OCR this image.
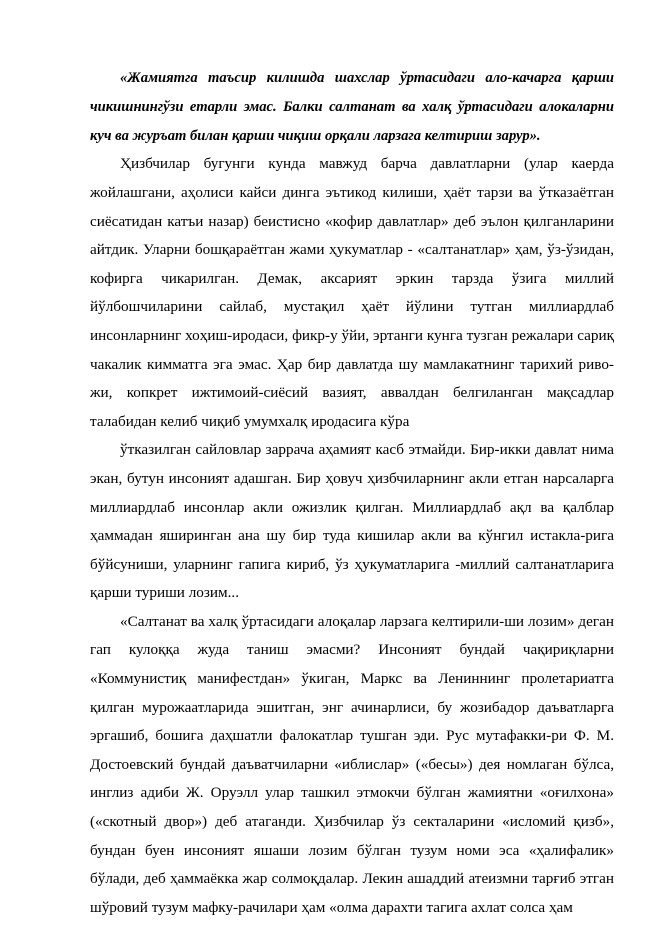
«Жамиятга таъсир килишда шахслар ўртасидаги ало-качарга қарши чикишнингўзи етарли эмас. Балки салтанат ва халқ ўртасидаги алокаларни куч ва журъат билан қарши чиқиш орқали ларзага келтириш зарур».

Ҳизбчилар бугунги кунда мавжуд барча давлатларни (улар каерда жойлашгани, аҳолиси кайси динга эътикод килиши, ҳаёт тарзи ва ўтказаётган сиёсатидан катъи назар) беистисно «кофир давлатлар» деб эълон қилганларини айтдик. Уларни бошқараётган жами ҳукуматлар - «салтанатлар» ҳам, ўз-ўзидан, кофирга чикарилган. Демак, аксарият эркин тарзда ўзига миллий йўлбошчиларини сайлаб, мустақил ҳаёт йўлини тутган миллиардлаб инсонларнинг хоҳиш-иродаси, фикр-у ўйи, эртанги кунга тузган режалари сариқ чакалик кимматга эга эмас. Ҳар бир давлатда шу мамлакатнинг тарихий риво-жи, копкрет ижтимоий-сиёсий вазият, аввалдан белгиланган мақсадлар талабидан келиб чиқиб умумхалқ иродасига кўра

ўтказилган сайловлар заррача аҳамият касб этмайди. Бир-икки давлат нима экан, бутун инсоният адашган. Бир ҳовуч ҳизбчиларнинг акли етган нарсаларга миллиардлаб инсонлар акли ожизлик қилган. Миллиардлаб ақл ва қалблар ҳаммадан яширинган ана шу бир туда кишилар акли ва кўнгил истакла-рига бўйсуниши, уларнинг гапига кириб, ўз ҳукуматларига -миллий салтанатларига қарши туриши лозим...

«Салтанат ва халқ ўртасидаги алоқалар ларзага келтирили-ши лозим» деган гап кулоққа жуда таниш эмасми? Инсоният бундай чақириқларни «Коммунистиқ манифестдан» ўкиган, Маркс ва Лениннинг пролетариатга қилган мурожаатларида эшитган, энг ачинарлиси, бу жозибадор даъватларга эргашиб, бошига даҳшатли фалокатлар тушган эди. Рус мутафакки-ри Ф. М. Достоевский бундай даъватчиларни «иблислар» («бесы») дея номлаган бўлса, инглиз адиби Ж. Оруэлл улар ташкил этмокчи бўлган жамиятни «оғилхона» («скотный двор») деб атаганди. Ҳизбчилар ўз секталарини «исломий қизб», бундан буен инсоният яшаши лозим бўлган тузум номи эса «ҳалифалик» бўлади, деб ҳаммаёкка жар солмоқдалар. Лекин ашаддий атеизмни тарғиб этган шўровий тузум мафку-рачилари ҳам «олма дарахти тагига ахлат солса ҳам
